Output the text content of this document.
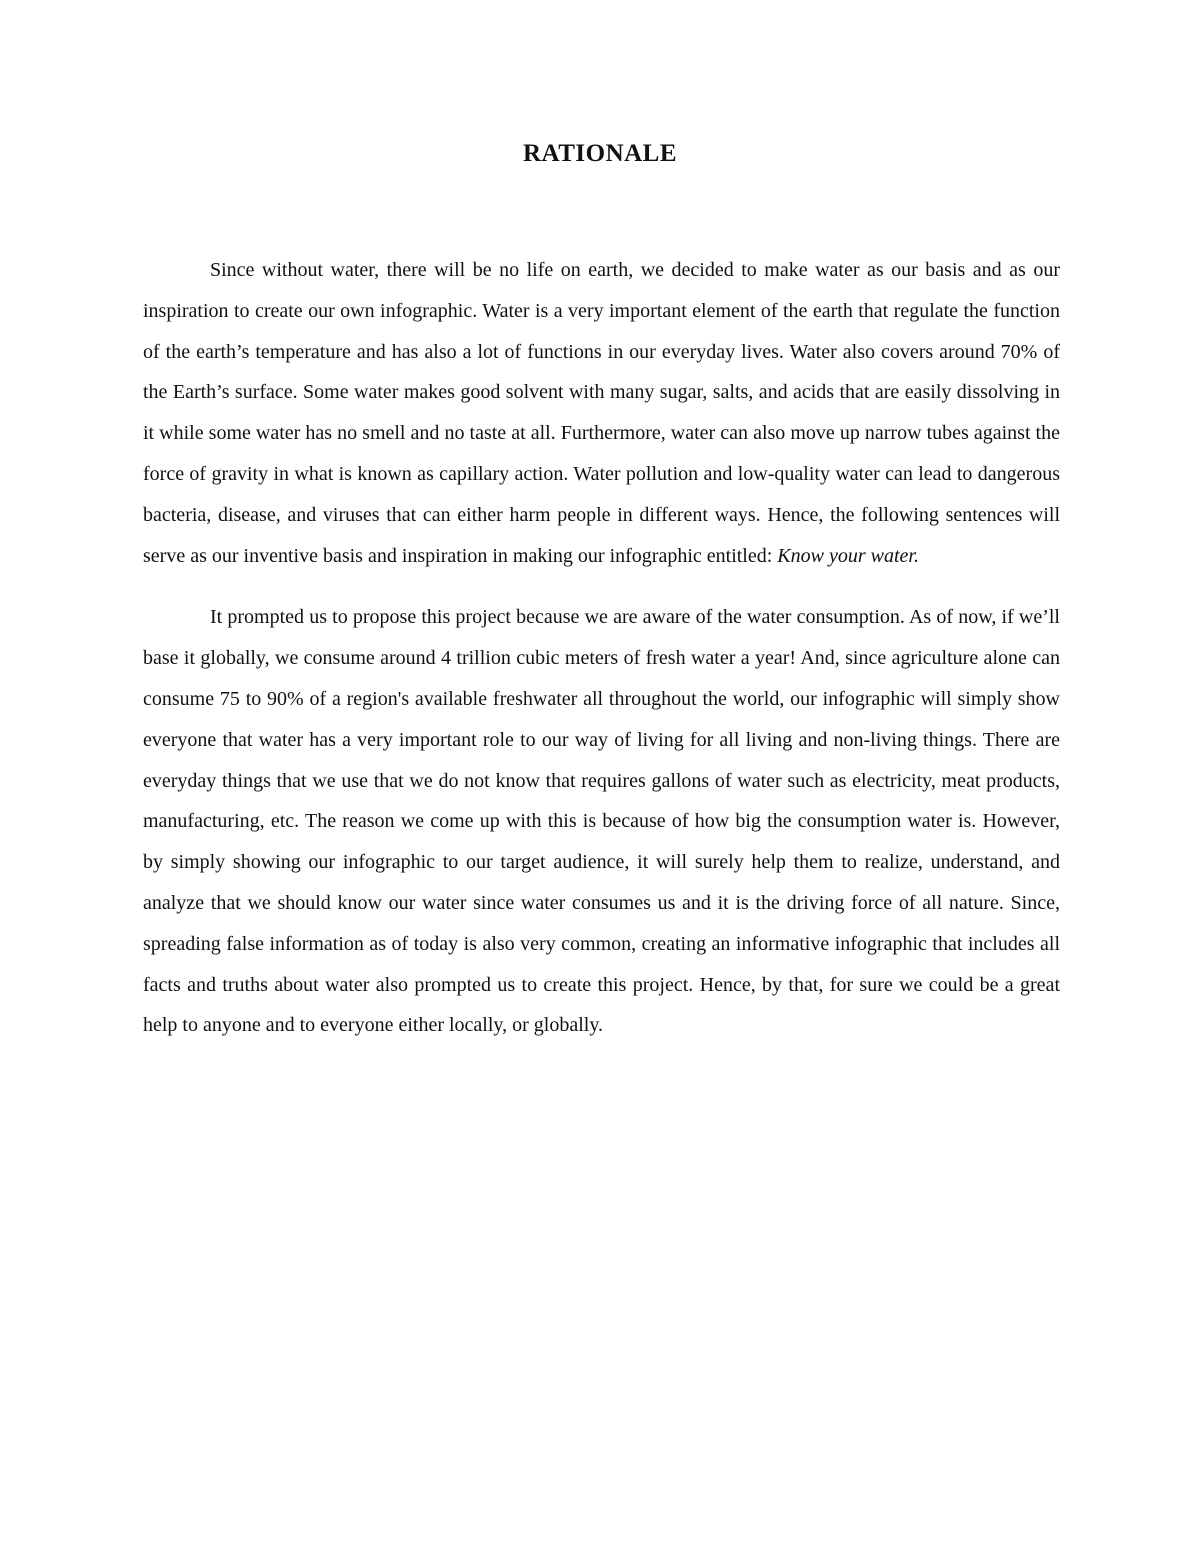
RATIONALE

Since without water, there will be no life on earth, we decided to make water as our basis and as our inspiration to create our own infographic. Water is a very important element of the earth that regulate the function of the earth’s temperature and has also a lot of functions in our everyday lives. Water also covers around 70% of the Earth’s surface. Some water makes good solvent with many sugar, salts, and acids that are easily dissolving in it while some water has no smell and no taste at all. Furthermore, water can also move up narrow tubes against the force of gravity in what is known as capillary action. Water pollution and low-quality water can lead to dangerous bacteria, disease, and viruses that can either harm people in different ways. Hence, the following sentences will serve as our inventive basis and inspiration in making our infographic entitled: Know your water.

It prompted us to propose this project because we are aware of the water consumption. As of now, if we’ll base it globally, we consume around 4 trillion cubic meters of fresh water a year! And, since agriculture alone can consume 75 to 90% of a region's available freshwater all throughout the world, our infographic will simply show everyone that water has a very important role to our way of living for all living and non-living things. There are everyday things that we use that we do not know that requires gallons of water such as electricity, meat products, manufacturing, etc. The reason we come up with this is because of how big the consumption water is. However, by simply showing our infographic to our target audience, it will surely help them to realize, understand, and analyze that we should know our water since water consumes us and it is the driving force of all nature. Since, spreading false information as of today is also very common, creating an informative infographic that includes all facts and truths about water also prompted us to create this project. Hence, by that, for sure we could be a great help to anyone and to everyone either locally, or globally.
